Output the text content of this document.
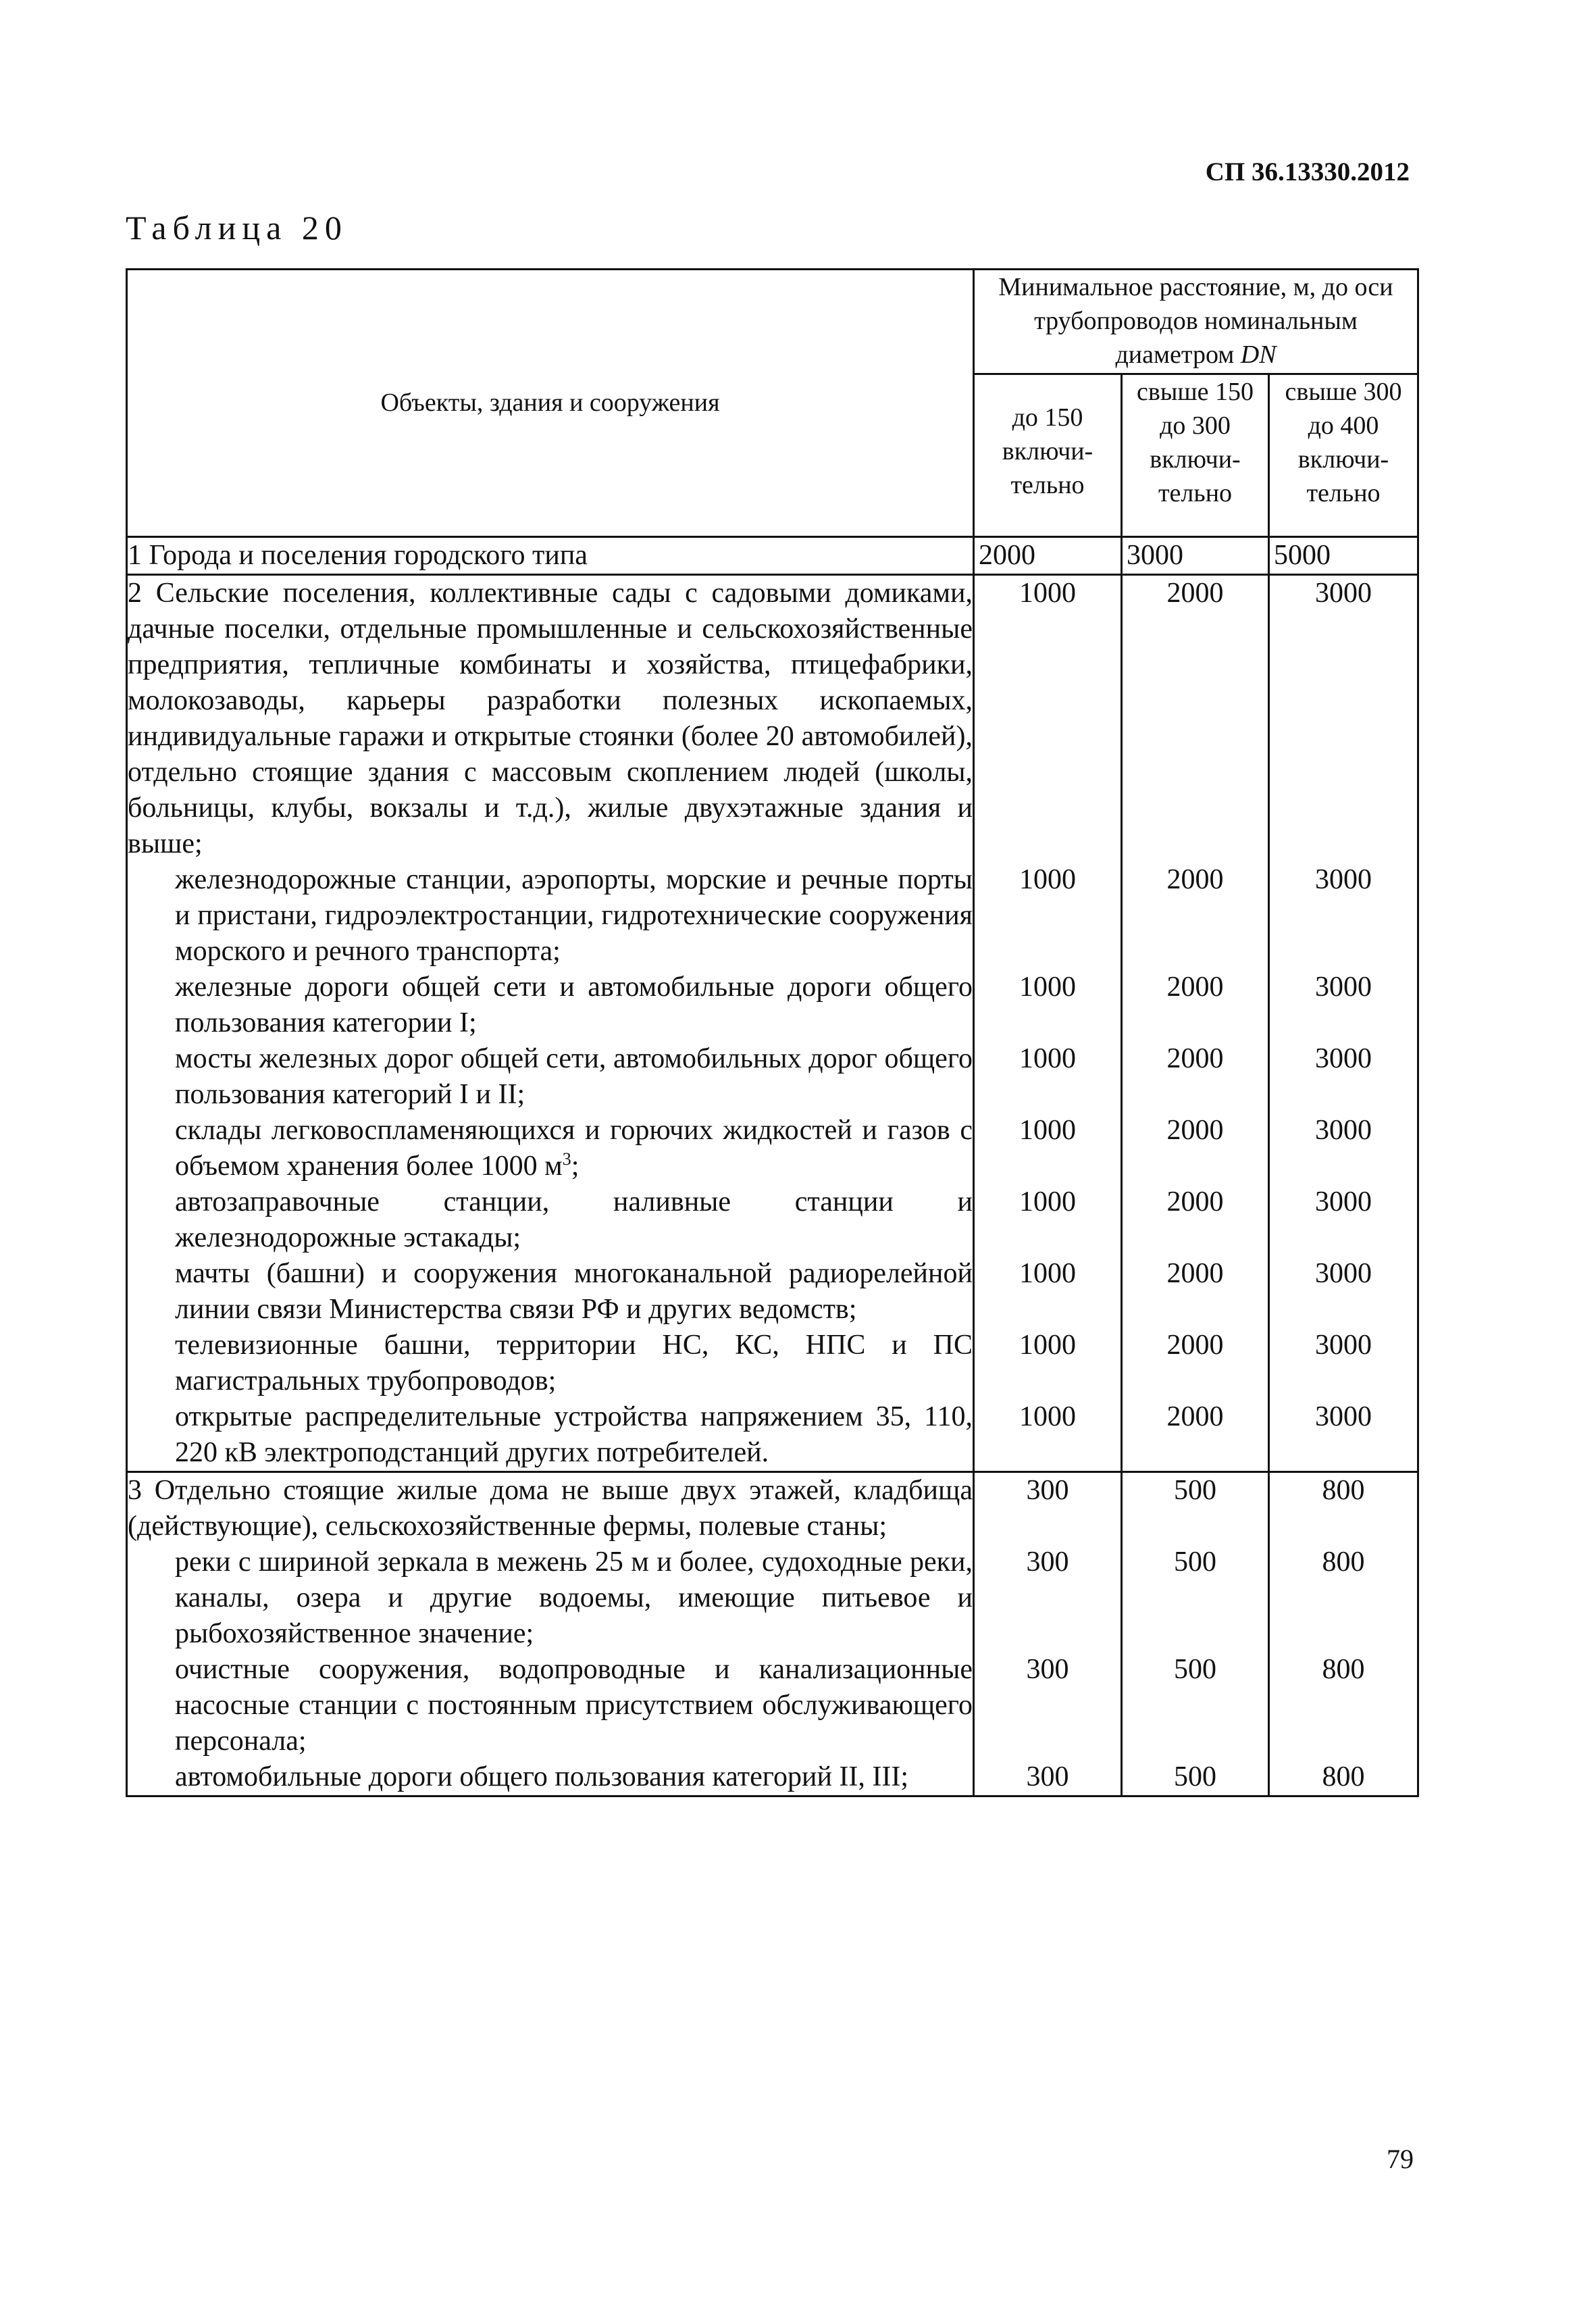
СП 36.13330.2012
Таблица 20
Объекты, здания и сооружения	Минимальное расстояние, м, до оси трубопроводов номинальным диаметром DN		
	до 150 включи- тельно	свыше 150 до 300 включи- тельно	свыше 300 до 400 включи- тельно
1 Города и поселения городского типа	2000	3000	5000
2 Сельские поселения, коллективные сады с садовыми домиками, дачные поселки, отдельные промышленные и сельскохозяйственные предприятия, тепличные комбинаты и хозяйства, птицефабрики, молокозаводы, карьеры разработки полезных ископаемых, индивидуальные гаражи и открытые стоянки (более 20 автомобилей), отдельно стоящие здания с массовым скоплением людей (школы, больницы, клубы, вокзалы и т.д.), жилые двухэтажные здания и выше;	1000	2000	3000
железнодорожные станции, аэропорты, морские и речные порты и пристани, гидроэлектростанции, гидротехнические сооружения морского и речного транспорта;	1000	2000	3000
железные дороги общей сети и автомобильные дороги общего пользования категории I;	1000	2000	3000
мосты железных дорог общей сети, автомобильных дорог общего пользования категорий I и II;	1000	2000	3000
склады легковоспламеняющихся и горючих жидкостей и газов с объемом хранения более 1000 $м^3$;	1000	2000	3000
автозаправочные станции, наливные станции и железнодорожные эстакады;	1000	2000	3000
мачты (башни) и сооружения многоканальной радиорелейной линии связи Министерства связи РФ и других ведомств;	1000	2000	3000
телевизионные башни, территории НС, КС, НПС и ПС магистральных трубопроводов;	1000	2000	3000
открытые распределительные устройства напряжением 35, 110, 220 кВ электроподстанций других потребителей.	1000	2000	3000
3 Отдельно стоящие жилые дома не выше двух этажей, кладбища (действующие), сельскохозяйственные фермы, полевые станы;	300	500	800
реки с шириной зеркала в межень 25 м и более, судоходные реки, каналы, озера и другие водоемы, имеющие питьевое и рыбохозяйственное значение;	300	500	800
очистные сооружения, водопроводные и канализационные насосные станции с постоянным присутствием обслуживающего персонала;	300	500	800
автомобильные дороги общего пользования категорий II, III;	300	500	800
79
